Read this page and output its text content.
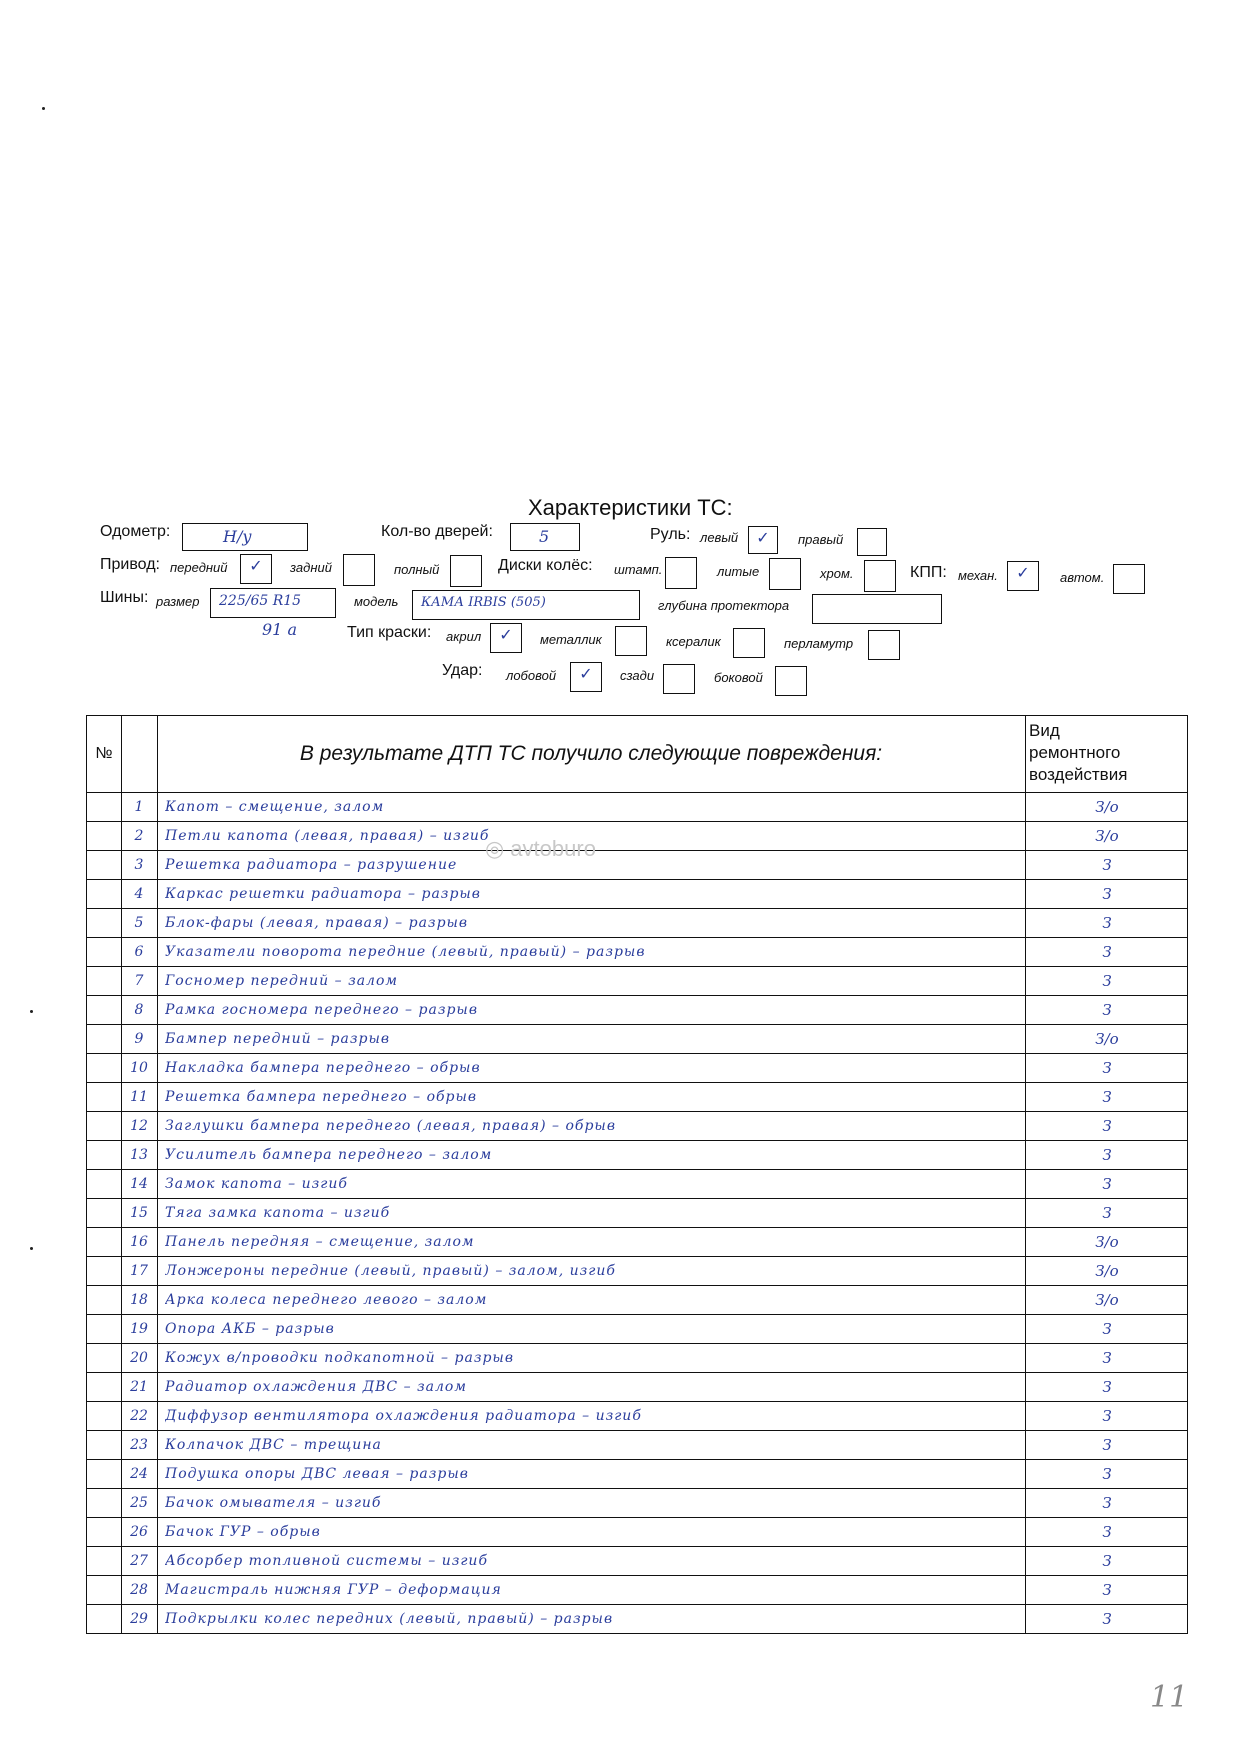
Характеристики ТС:
Одометр:	Н/у	Кол-во дверей:	5	Руль: левый	✓	правый
Привод: передний	✓	задний	полный	Диски колёс: штамп.	литые	хром.	КПП: механ.	✓	автом.
Шины: размер	225/65 R15
91 а
модель	КАМА IRBIS (505)	глубина протектора
Тип краски: акрил	✓	металлик	ксералик	перламутр
Удар: лобовой	✓	сзади	боковой
№	В результате ДТП ТС получило следующие повреждения:
Вид
ремонтного
воздействия
1	Капот – смещение, залом	З/о
2	Петли капота (левая, правая) – изгиб	З/о
3	Решетка радиатора – разрушение	З
4	Каркас решетки радиатора – разрыв	З
5	Блок-фары (левая, правая) – разрыв	З
6	Указатели поворота передние (левый, правый) – разрыв	З
7	Госномер передний – залом	З
8	Рамка госномера переднего – разрыв	З
9	Бампер передний – разрыв	З/о
10	Накладка бампера переднего – обрыв	З
11	Решетка бампера переднего – обрыв	З
12	Заглушки бампера переднего (левая, правая) – обрыв	З
13	Усилитель бампера переднего – залом	З
14	Замок капота – изгиб	З
15	Тяга замка капота – изгиб	З
16	Панель передняя – смещение, залом	З/о
17	Лонжероны передние (левый, правый) – залом, изгиб	З/о
18	Арка колеса переднего левого – залом	З/о
19	Опора АКБ – разрыв	З
20	Кожух в/проводки подкапотной – разрыв	З
21	Радиатор охлаждения ДВС – залом	З
22	Диффузор вентилятора охлаждения радиатора – изгиб	З
23	Колпачок ДВС – трещина	З
24	Подушка опоры ДВС левая – разрыв	З
25	Бачок омывателя – изгиб	З
26	Бачок ГУР – обрыв	З
27	Абсорбер топливной системы – изгиб	З
28	Магистраль нижняя ГУР – деформация	З
29	Подкрылки колес передних (левый, правый) – разрыв	З
◎ avtoburo
11
